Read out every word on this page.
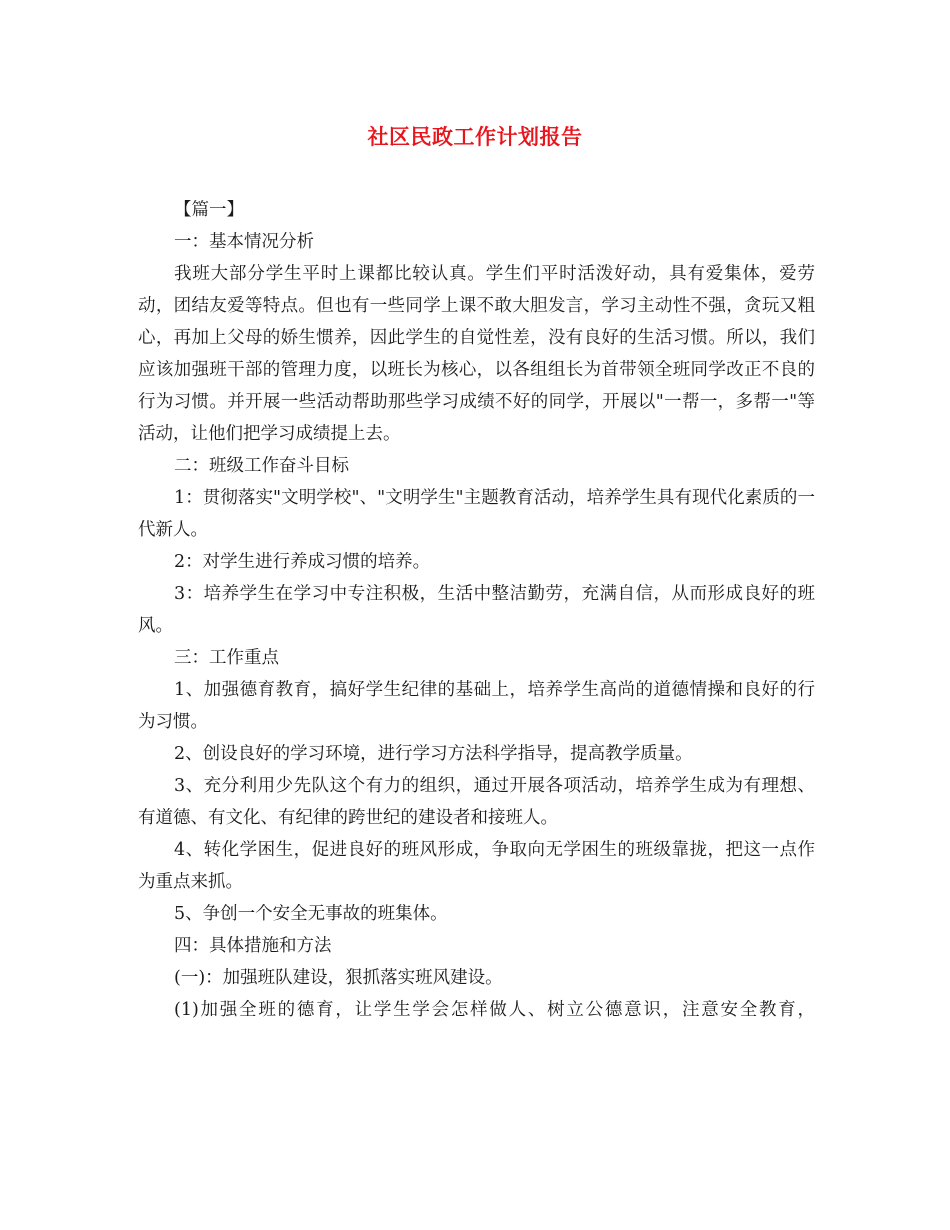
社区民政工作计划报告

【篇一】

一：基本情况分析

我班大部分学生平时上课都比较认真。学生们平时活泼好动，具有爱集体，爱劳动，团结友爱等特点。但也有一些同学上课不敢大胆发言，学习主动性不强，贪玩又粗心，再加上父母的娇生惯养，因此学生的自觉性差，没有良好的生活习惯。所以，我们应该加强班干部的管理力度，以班长为核心，以各组组长为首带领全班同学改正不良的行为习惯。并开展一些活动帮助那些学习成绩不好的同学，开展以"一帮一，多帮一"等活动，让他们把学习成绩提上去。

二：班级工作奋斗目标

1：贯彻落实"文明学校"、"文明学生"主题教育活动，培养学生具有现代化素质的一代新人。

2：对学生进行养成习惯的培养。

3：培养学生在学习中专注积极，生活中整洁勤劳，充满自信，从而形成良好的班风。

三：工作重点

1、加强德育教育，搞好学生纪律的基础上，培养学生高尚的道德情操和良好的行为习惯。

2、创设良好的学习环境，进行学习方法科学指导，提高教学质量。

3、充分利用少先队这个有力的组织，通过开展各项活动，培养学生成为有理想、有道德、有文化、有纪律的跨世纪的建设者和接班人。

4、转化学困生，促进良好的班风形成，争取向无学困生的班级靠拢，把这一点作为重点来抓。

5、争创一个安全无事故的班集体。

四：具体措施和方法

(一)：加强班队建设，狠抓落实班风建设。

(1)加强全班的德育，让学生学会怎样做人、树立公德意识，注意安全教育，
